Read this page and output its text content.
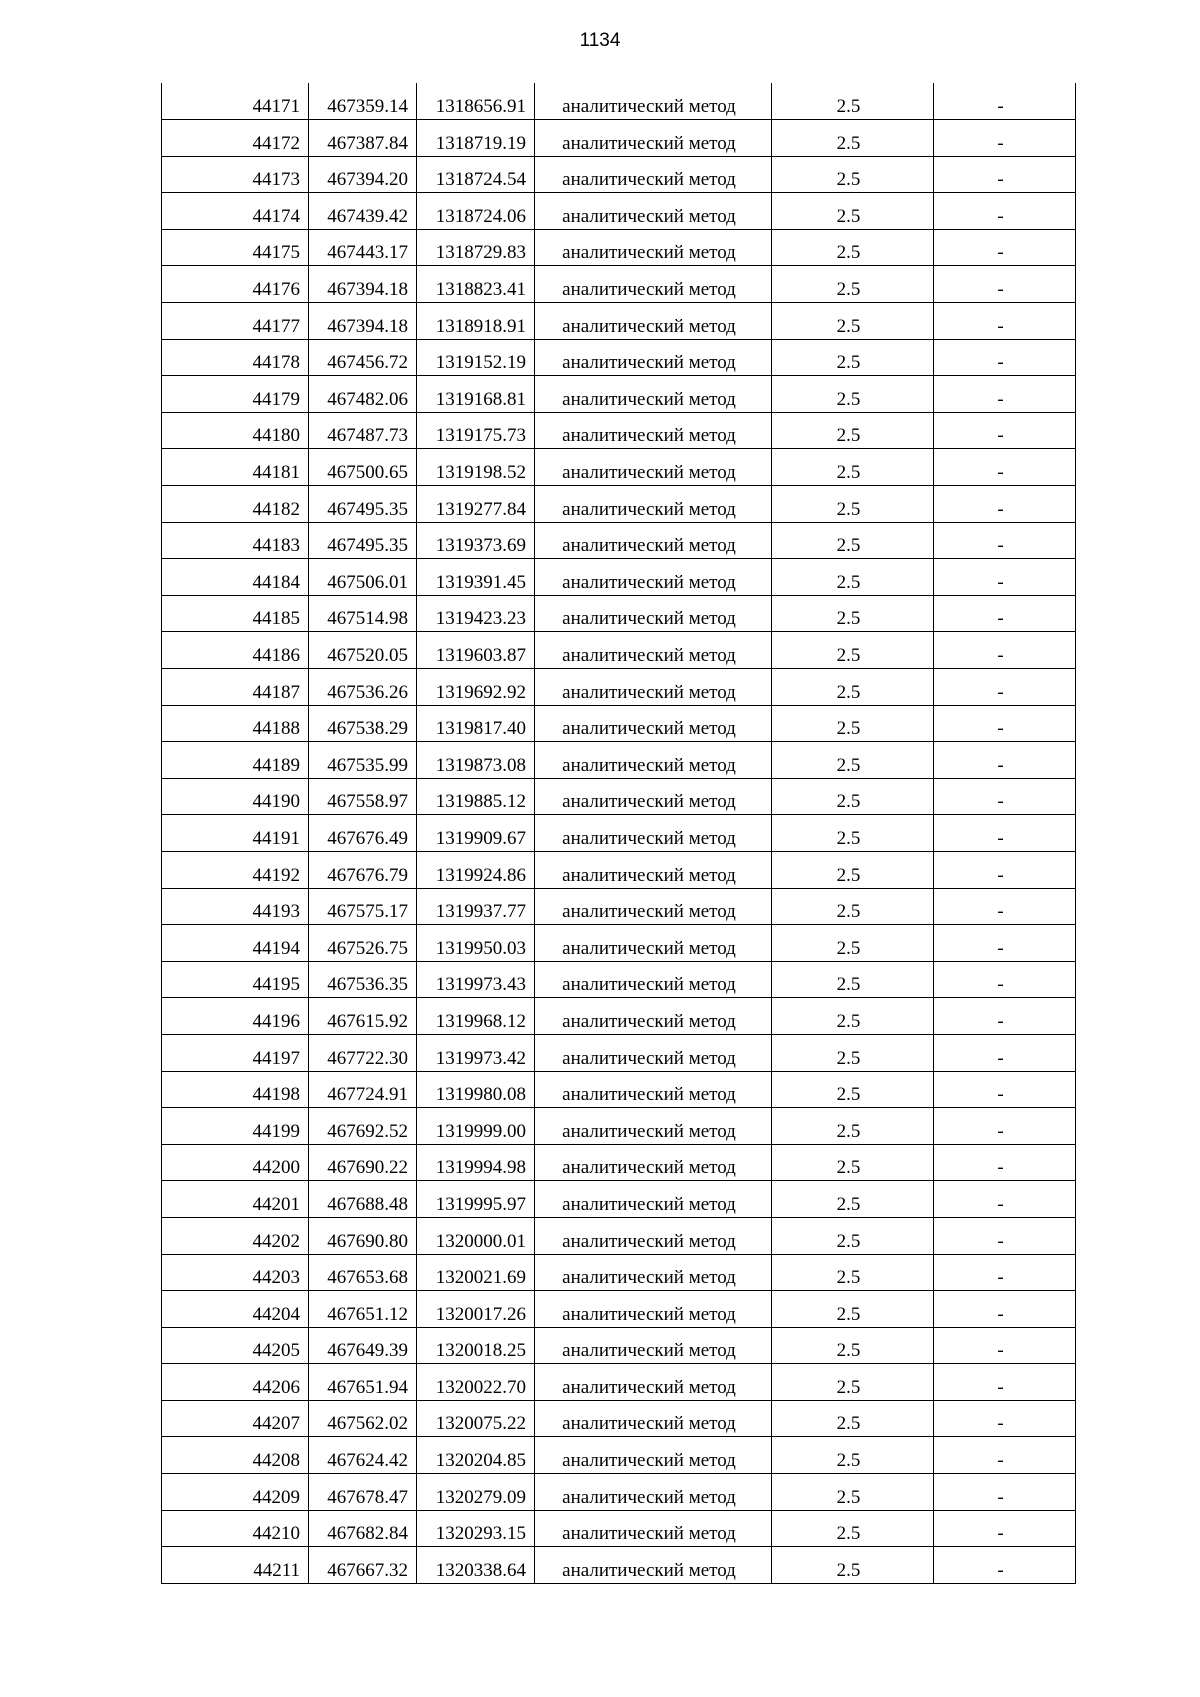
1134
44171	467359.14	1318656.91	аналитический метод	2.5	-
44172	467387.84	1318719.19	аналитический метод	2.5	-
44173	467394.20	1318724.54	аналитический метод	2.5	-
44174	467439.42	1318724.06	аналитический метод	2.5	-
44175	467443.17	1318729.83	аналитический метод	2.5	-
44176	467394.18	1318823.41	аналитический метод	2.5	-
44177	467394.18	1318918.91	аналитический метод	2.5	-
44178	467456.72	1319152.19	аналитический метод	2.5	-
44179	467482.06	1319168.81	аналитический метод	2.5	-
44180	467487.73	1319175.73	аналитический метод	2.5	-
44181	467500.65	1319198.52	аналитический метод	2.5	-
44182	467495.35	1319277.84	аналитический метод	2.5	-
44183	467495.35	1319373.69	аналитический метод	2.5	-
44184	467506.01	1319391.45	аналитический метод	2.5	-
44185	467514.98	1319423.23	аналитический метод	2.5	-
44186	467520.05	1319603.87	аналитический метод	2.5	-
44187	467536.26	1319692.92	аналитический метод	2.5	-
44188	467538.29	1319817.40	аналитический метод	2.5	-
44189	467535.99	1319873.08	аналитический метод	2.5	-
44190	467558.97	1319885.12	аналитический метод	2.5	-
44191	467676.49	1319909.67	аналитический метод	2.5	-
44192	467676.79	1319924.86	аналитический метод	2.5	-
44193	467575.17	1319937.77	аналитический метод	2.5	-
44194	467526.75	1319950.03	аналитический метод	2.5	-
44195	467536.35	1319973.43	аналитический метод	2.5	-
44196	467615.92	1319968.12	аналитический метод	2.5	-
44197	467722.30	1319973.42	аналитический метод	2.5	-
44198	467724.91	1319980.08	аналитический метод	2.5	-
44199	467692.52	1319999.00	аналитический метод	2.5	-
44200	467690.22	1319994.98	аналитический метод	2.5	-
44201	467688.48	1319995.97	аналитический метод	2.5	-
44202	467690.80	1320000.01	аналитический метод	2.5	-
44203	467653.68	1320021.69	аналитический метод	2.5	-
44204	467651.12	1320017.26	аналитический метод	2.5	-
44205	467649.39	1320018.25	аналитический метод	2.5	-
44206	467651.94	1320022.70	аналитический метод	2.5	-
44207	467562.02	1320075.22	аналитический метод	2.5	-
44208	467624.42	1320204.85	аналитический метод	2.5	-
44209	467678.47	1320279.09	аналитический метод	2.5	-
44210	467682.84	1320293.15	аналитический метод	2.5	-
44211	467667.32	1320338.64	аналитический метод	2.5	-
